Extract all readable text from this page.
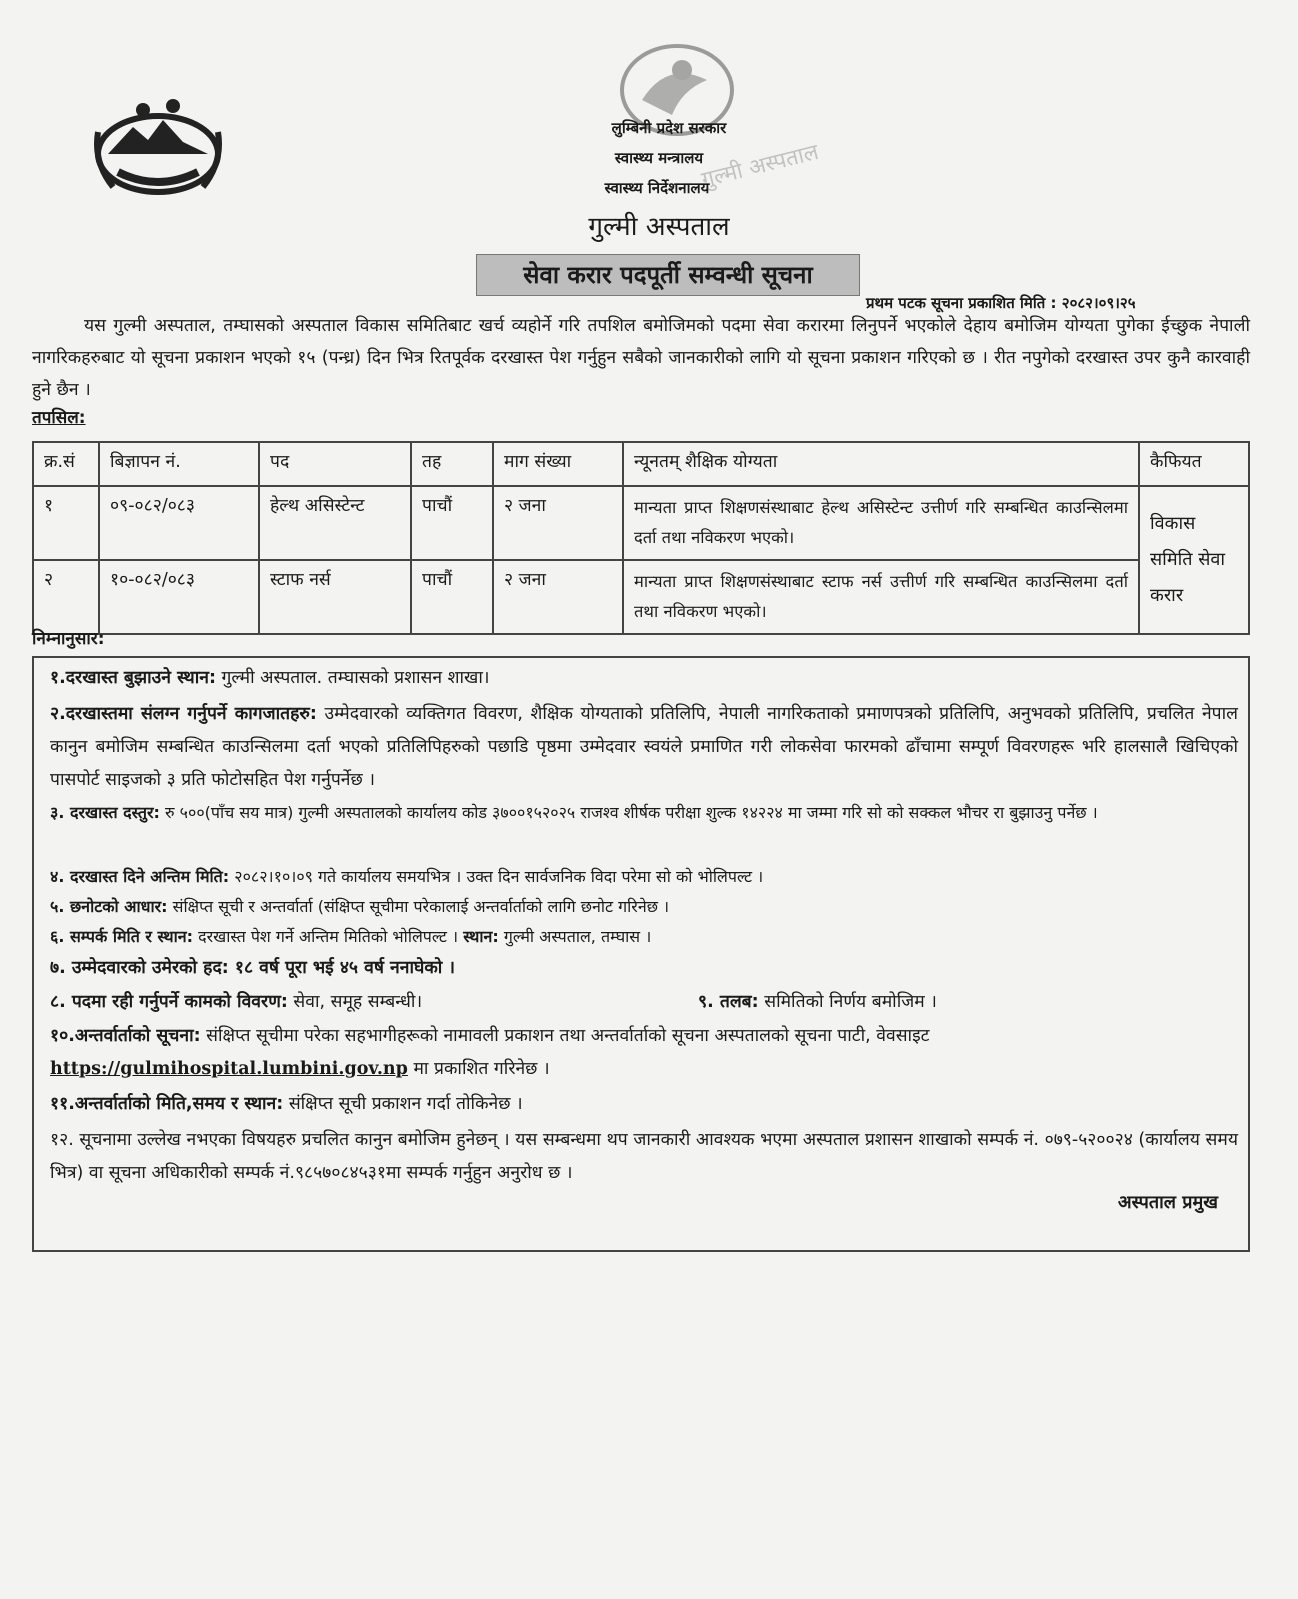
गुल्मी अस्पताल
लुम्बिनी प्रदेश सरकार
स्वास्थ्य मन्त्रालय
स्वास्थ्य निर्देशनालय
गुल्मी अस्पताल
सेवा करार पदपूर्ती सम्वन्धी सूचना
प्रथम पटक सूचना प्रकाशित मिति : २०८२।०९।२५
यस गुल्मी अस्पताल, तम्घासको अस्पताल विकास समितिबाट खर्च व्यहोर्ने गरि तपशिल बमोजिमको पदमा सेवा करारमा लिनुपर्ने भएकोले देहाय बमोजिम योग्यता पुगेका ईच्छुक नेपाली नागरिकहरुबाट यो सूचना प्रकाशन भएको १५ (पन्ध्र) दिन भित्र रितपूर्वक दरखास्त पेश गर्नुहुन सबैको जानकारीको लागि यो सूचना प्रकाशन गरिएको छ । रीत नपुगेको दरखास्त उपर कुनै कारवाही हुने छैन ।
तपसिल:
क्र.सं	बिज्ञापन नं.	पद	तह	माग संख्या	न्यूनतम् शैक्षिक योग्यता	कैफियत
१	०९-०८२/०८३	हेल्थ असिस्टेन्ट	पाचौं	२ जना	मान्यता प्राप्त शिक्षणसंस्थाबाट हेल्थ असिस्टेन्ट उत्तीर्ण गरि सम्बन्धित काउन्सिलमा दर्ता तथा नविकरण भएको।	विकास समिति सेवा करार
२	१०-०८२/०८३	स्टाफ नर्स	पाचौं	२ जना	मान्यता प्राप्त शिक्षणसंस्थाबाट स्टाफ नर्स उत्तीर्ण गरि सम्बन्धित काउन्सिलमा दर्ता तथा नविकरण भएको।	
निम्नानुसार:
१.दरखास्त बुझाउने स्थान: गुल्मी अस्पताल. तम्घासको प्रशासन शाखा।
२.दरखास्तमा संलग्न गर्नुपर्ने कागजातहरु: उम्मेदवारको व्यक्तिगत विवरण, शैक्षिक योग्यताको प्रतिलिपि, नेपाली नागरिकताको प्रमाणपत्रको प्रतिलिपि, अनुभवको प्रतिलिपि, प्रचलित नेपाल कानुन बमोजिम सम्बन्धित काउन्सिलमा दर्ता भएको प्रतिलिपिहरुको पछाडि पृष्ठमा उम्मेदवार स्वयंले प्रमाणित गरी लोकसेवा फारमको ढाँचामा सम्पूर्ण विवरणहरू भरि हालसालै खिचिएको पासपोर्ट साइजको ३ प्रति फोटोसहित पेश गर्नुपर्नेछ ।
३. दरखास्त दस्तुर: रु ५००(पाँच सय मात्र) गुल्मी अस्पतालको कार्यालय कोड ३७००१५२०२५ राजश्व शीर्षक परीक्षा शुल्क १४२२४ मा जम्मा गरि सो को सक्कल भौचर रा बुझाउनु पर्नेछ ।
४. दरखास्त दिने अन्तिम मिति: २०८२।१०।०९ गते कार्यालय समयभित्र । उक्त दिन सार्वजनिक विदा परेमा सो को भोलिपल्ट ।
५. छनोटको आधार: संक्षिप्त सूची र अन्तर्वार्ता (संक्षिप्त सूचीमा परेकालाई अन्तर्वार्ताको लागि छनोट गरिनेछ ।
६. सम्पर्क मिति र स्थान: दरखास्त पेश गर्ने अन्तिम मितिको भोलिपल्ट । स्थान: गुल्मी अस्पताल, तम्घास ।
७. उम्मेदवारको उमेरको हद: १८ वर्ष पूरा भई ४५ वर्ष ननाघेको ।
८. पदमा रही गर्नुपर्ने कामको विवरण: सेवा, समूह सम्बन्धी।	९. तलब: समितिको निर्णय बमोजिम ।
१०.अन्तर्वार्ताको सूचना: संक्षिप्त सूचीमा परेका सहभागीहरूको नामावली प्रकाशन तथा अन्तर्वार्ताको सूचना अस्पतालको सूचना पाटी, वेवसाइट
https://gulmihospital.lumbini.gov.np मा प्रकाशित गरिनेछ ।
११.अन्तर्वार्ताको मिति,समय र स्थान: संक्षिप्त सूची प्रकाशन गर्दा तोकिनेछ ।
१२. सूचनामा उल्लेख नभएका विषयहरु प्रचलित कानुन बमोजिम हुनेछन् । यस सम्बन्धमा थप जानकारी आवश्यक भएमा अस्पताल प्रशासन शाखाको सम्पर्क नं. ०७९-५२००२४ (कार्यालय समय भित्र) वा सूचना अधिकारीको सम्पर्क नं.९८५७०८४५३१मा सम्पर्क गर्नुहुन अनुरोध छ ।
अस्पताल प्रमुख
